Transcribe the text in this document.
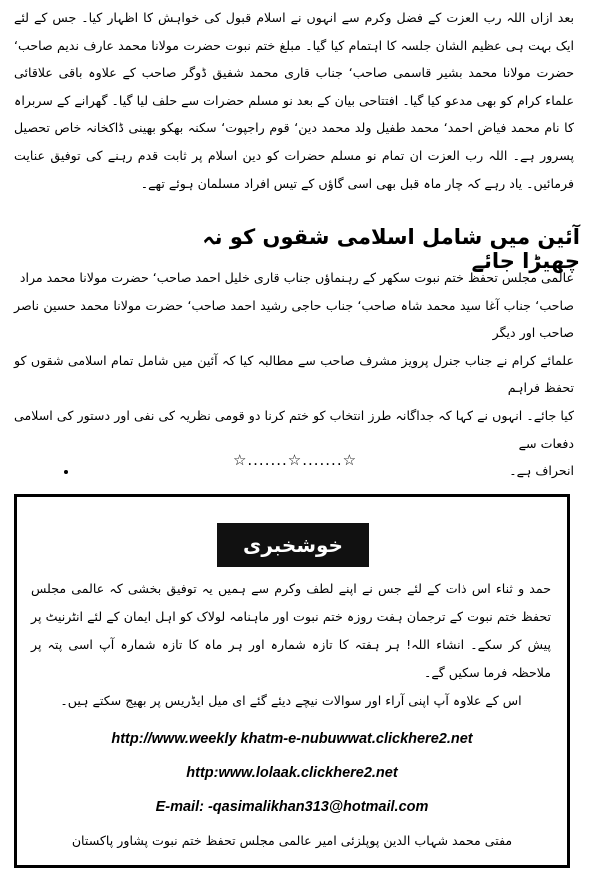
بعد ازاں اللہ رب العزت کے فضل وکرم سے انہوں نے اسلام قبول کی خواہش کا اظہار کیا۔ جس کے لئے ایک بہت ہی عظیم الشان جلسہ کا اہتمام کیا گیا۔ مبلغ ختم نبوت حضرت مولانا محمد عارف ندیم صاحب‘ حضرت مولانا محمد بشیر قاسمی صاحب‘ جناب قاری محمد شفیق ڈوگر صاحب کے علاوہ باقی علاقائی علماء کرام کو بھی مدعو کیا گیا۔ افتتاحی بیان کے بعد نو مسلم حضرات سے حلف لیا گیا۔ گھرانے کے سربراہ کا نام محمد فیاض احمد‘ محمد طفیل ولد محمد دین‘ قوم راجپوت‘ سکنہ بھکو بھینی ڈاکخانہ خاص تحصیل پسرور ہے۔ اللہ رب العزت ان تمام نو مسلم حضرات کو دین اسلام پر ثابت قدم رہنے کی توفیق عنایت فرمائیں۔ یاد رہے کہ چار ماہ قبل بھی اسی گاؤں کے تیس افراد مسلمان ہوئے تھے۔

آئین میں شامل اسلامی شقوں کو نہ چھیڑا جائے
عالمی مجلس تحفظ ختم نبوت سکھر کے رہنماؤں جناب قاری خلیل احمد صاحب‘ حضرت مولانا محمد مراد
صاحب‘ جناب آغا سید محمد شاہ صاحب‘ جناب حاجی رشید احمد صاحب‘ حضرت مولانا محمد حسین ناصر صاحب اور دیگر
علمائے کرام نے جناب جنرل پرویز مشرف صاحب سے مطالبہ کیا کہ آئین میں شامل تمام اسلامی شقوں کو تحفظ فراہم
کیا جائے۔ انہوں نے کہا کہ جداگانہ طرز انتخاب کو ختم کرنا دو قومی نظریہ کی نفی اور دستور کی اسلامی دفعات سے
انحراف ہے۔
☆.......☆.......☆
خوشخبری

حمد و ثناء اس ذات کے لئے جس نے اپنے لطف وکرم سے ہمیں یہ توفیق بخشی کہ عالمی مجلس تحفظ ختم نبوت کے ترجمان ہفت روزہ ختم نبوت اور ماہنامہ لولاک کو اہل ایمان کے لئے انٹرنیٹ پر پیش کر سکے۔ انشاء اللہ! ہر ہفتہ کا تازہ شمارہ اور ہر ماہ کا تازہ شمارہ آپ اسی پتہ پر ملاحظہ فرما سکیں گے۔

اس کے علاوہ آپ اپنی آراء اور سوالات نیچے دیئے گئے ای میل ایڈریس پر بھیج سکتے ہیں۔

http://www.weekly khatm-e-nubuwwat.clickhere2.net
http:www.lolaak.clickhere2.net
E-mail: -qasimalikhan313@hotmail.com
مفتی محمد شہاب الدین پوپلزئی امیر عالمی مجلس تحفظ ختم نبوت پشاور پاکستان
